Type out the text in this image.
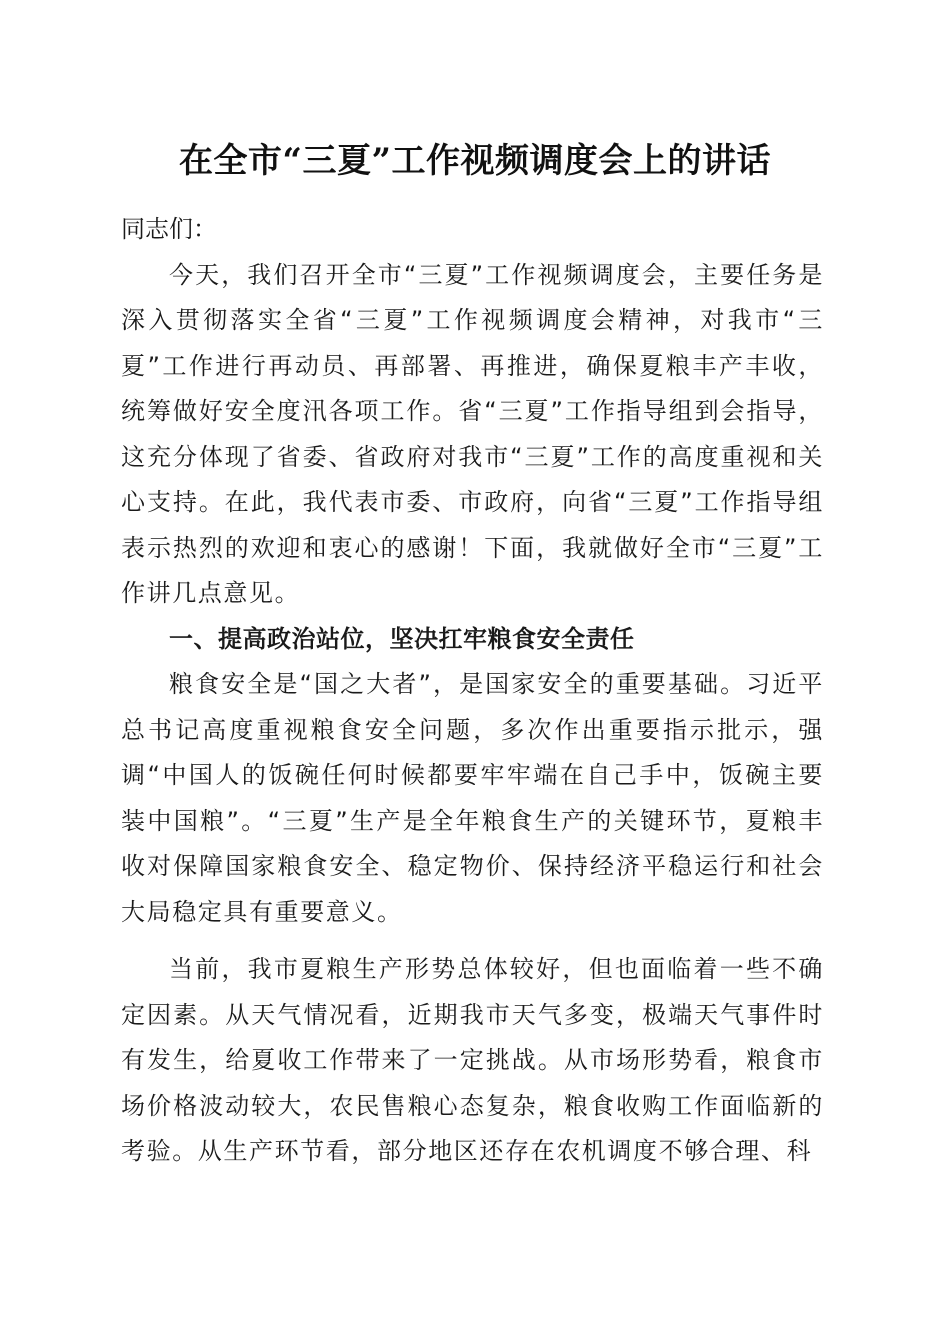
在全市“三夏”工作视频调度会上的讲话

同志们：

今天，我们召开全市“三夏”工作视频调度会，主要任务是深入贯彻落实全省“三夏”工作视频调度会精神，对我市“三夏”工作进行再动员、再部署、再推进，确保夏粮丰产丰收，统筹做好安全度汛各项工作。省“三夏”工作指导组到会指导，这充分体现了省委、省政府对我市“三夏”工作的高度重视和关心支持。在此，我代表市委、市政府，向省“三夏”工作指导组表示热烈的欢迎和衷心的感谢！下面，我就做好全市“三夏”工作讲几点意见。

一、提高政治站位，坚决扛牢粮食安全责任

粮食安全是“国之大者”，是国家安全的重要基础。习近平总书记高度重视粮食安全问题，多次作出重要指示批示，强调“中国人的饭碗任何时候都要牢牢端在自己手中，饭碗主要装中国粮”。“三夏”生产是全年粮食生产的关键环节，夏粮丰收对保障国家粮食安全、稳定物价、保持经济平稳运行和社会大局稳定具有重要意义。

当前，我市夏粮生产形势总体较好，但也面临着一些不确定因素。从天气情况看，近期我市天气多变，极端天气事件时有发生，给夏收工作带来了一定挑战。从市场形势看，粮食市场价格波动较大，农民售粮心态复杂，粮食收购工作面临新的考验。从生产环节看，部分地区还存在农机调度不够合理、科
